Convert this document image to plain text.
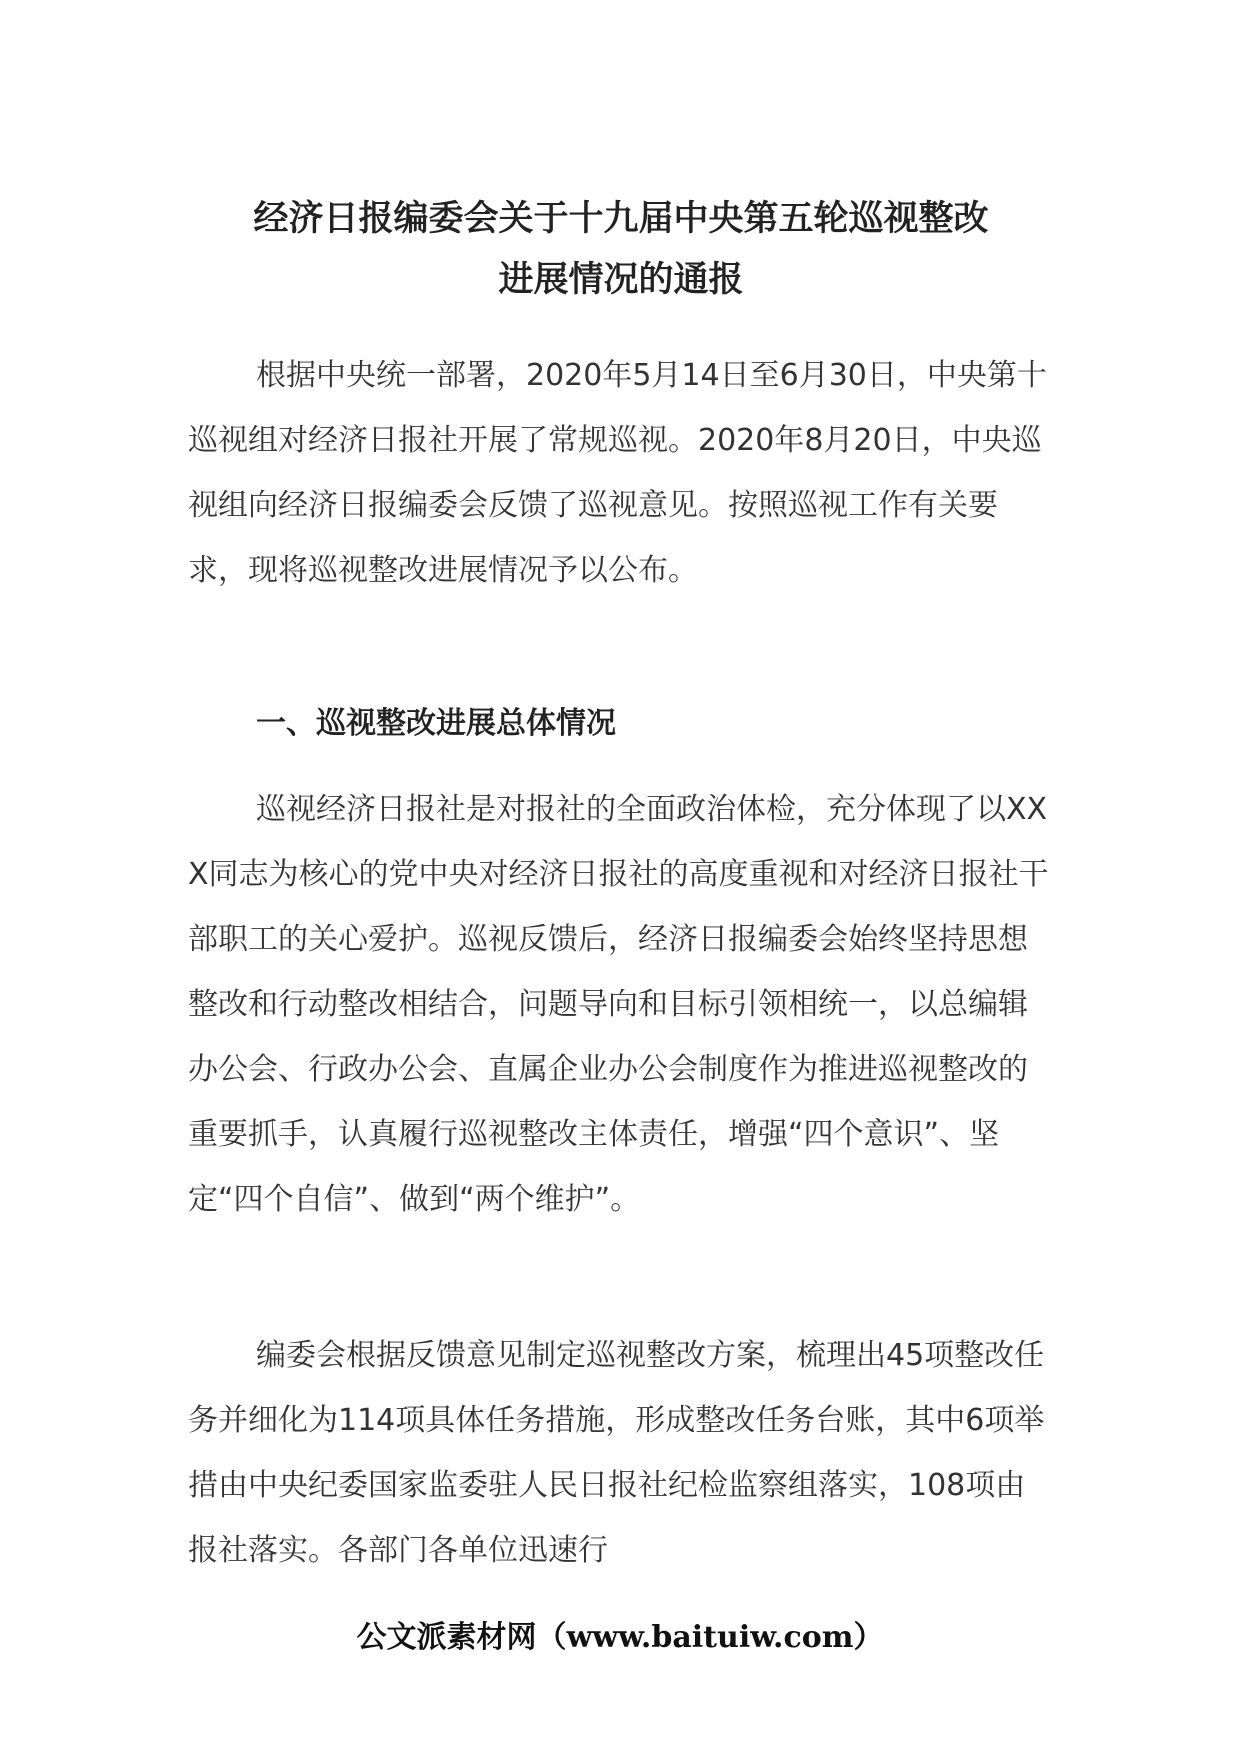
经济日报编委会关于十九届中央第五轮巡视整改
进展情况的通报

根据中央统一部署，2020年5月14日至6月30日，中央第十巡视组对经济日报社开展了常规巡视。2020年8月20日，中央巡视组向经济日报编委会反馈了巡视意见。按照巡视工作有关要求，现将巡视整改进展情况予以公布。

一、巡视整改进展总体情况

巡视经济日报社是对报社的全面政治体检，充分体现了以XXX同志为核心的党中央对经济日报社的高度重视和对经济日报社干部职工的关心爱护。巡视反馈后，经济日报编委会始终坚持思想整改和行动整改相结合，问题导向和目标引领相统一，以总编辑办公会、行政办公会、直属企业办公会制度作为推进巡视整改的重要抓手，认真履行巡视整改主体责任，增强“四个意识”、坚定“四个自信”、做到“两个维护”。

编委会根据反馈意见制定巡视整改方案，梳理出45项整改任务并细化为114项具体任务措施，形成整改任务台账，其中6项举措由中央纪委国家监委驻人民日报社纪检监察组落实，108项由报社落实。各部门各单位迅速行

公文派素材网（www.baituiw.com）
